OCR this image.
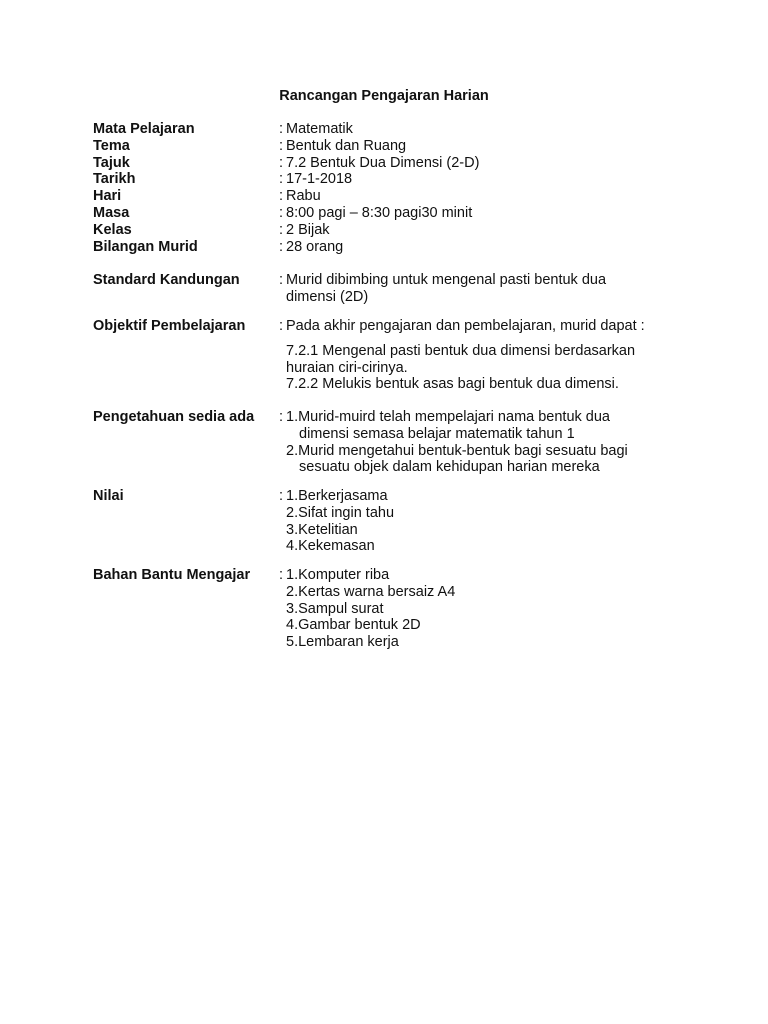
Rancangan Pengajaran Harian
Mata Pelajaran	: Matematik
Tema	: Bentuk dan Ruang
Tajuk	: 7.2 Bentuk Dua Dimensi (2-D)
Tarikh	: 17-1-2018
Hari	: Rabu
Masa	: 8:00 pagi – 8:30 pagi30 minit
Kelas	: 2 Bijak
Bilangan Murid	: 28 orang
Standard Kandungan	: Murid dibimbing untuk mengenal pasti bentuk dua
dimensi (2D)
Objektif Pembelajaran	: Pada akhir pengajaran dan pembelajaran, murid dapat :
7.2.1 Mengenal pasti bentuk dua dimensi berdasarkan
huraian ciri-cirinya.
7.2.2 Melukis bentuk asas bagi bentuk dua dimensi.
Pengetahuan sedia ada	: 1.Murid-muird telah mempelajari nama bentuk dua
dimensi semasa belajar matematik tahun 1
2.Murid mengetahui bentuk-bentuk bagi sesuatu bagi
sesuatu objek dalam kehidupan harian mereka
Nilai	: 1.Berkerjasama
2.Sifat ingin tahu
3.Ketelitian
4.Kekemasan
Bahan Bantu Mengajar	: 1.Komputer riba
2.Kertas warna bersaiz A4
3.Sampul surat
4.Gambar bentuk 2D
5.Lembaran kerja
